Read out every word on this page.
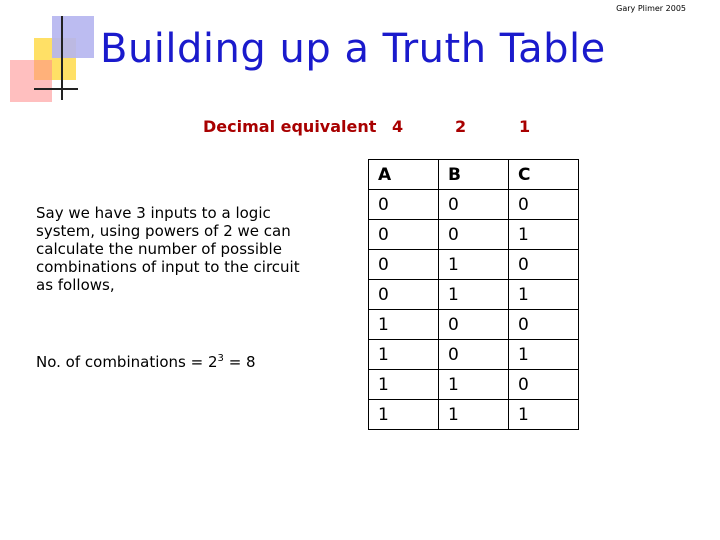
Gary Plimer 2005
Building up a Truth Table
Decimal equivalent 4	2	1
Say we have 3 inputs to a logic system, using powers of 2 we can calculate the number of possible combinations of input to the circuit as follows,
No. of combinations = $2^3 = 8$
A	B	C
0	0	0
0	0	1
0	1	0
0	1	1
1	0	0
1	0	1
1	1	0
1	1	1
